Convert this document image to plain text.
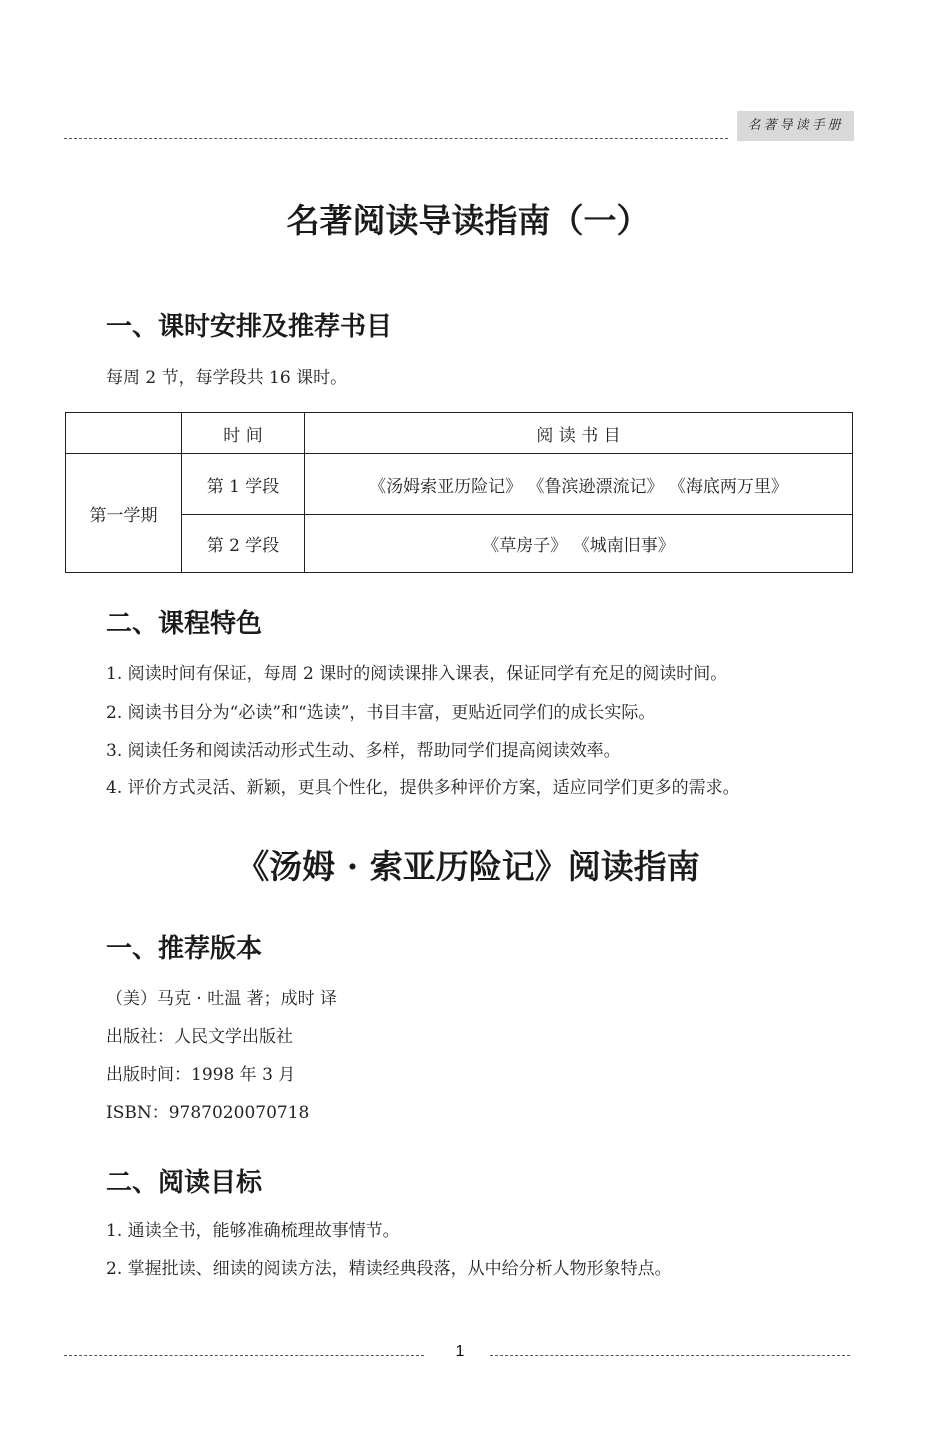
名著导读手册
名著阅读导读指南（一）
一、课时安排及推荐书目
每周 2 节，每学段共 16 课时。
	时 间	阅 读 书 目
第一学期	第 1 学段	《汤姆索亚历险记》 《鲁滨逊漂流记》 《海底两万里》
	第 2 学段	《草房子》 《城南旧事》
二、课程特色
1. 阅读时间有保证，每周 2 课时的阅读课排入课表，保证同学有充足的阅读时间。
2. 阅读书目分为“必读”和“选读”，书目丰富，更贴近同学们的成长实际。
3. 阅读任务和阅读活动形式生动、多样，帮助同学们提高阅读效率。
4. 评价方式灵活、新颖，更具个性化，提供多种评价方案，适应同学们更多的需求。
《汤姆 · 索亚历险记》阅读指南
一、推荐版本
（美）马克 · 吐温 著；成时 译
出版社：人民文学出版社
出版时间：1998 年 3 月
ISBN：9787020070718
二、阅读目标
1. 通读全书，能够准确梳理故事情节。
2. 掌握批读、细读的阅读方法，精读经典段落，从中给分析人物形象特点。
1
